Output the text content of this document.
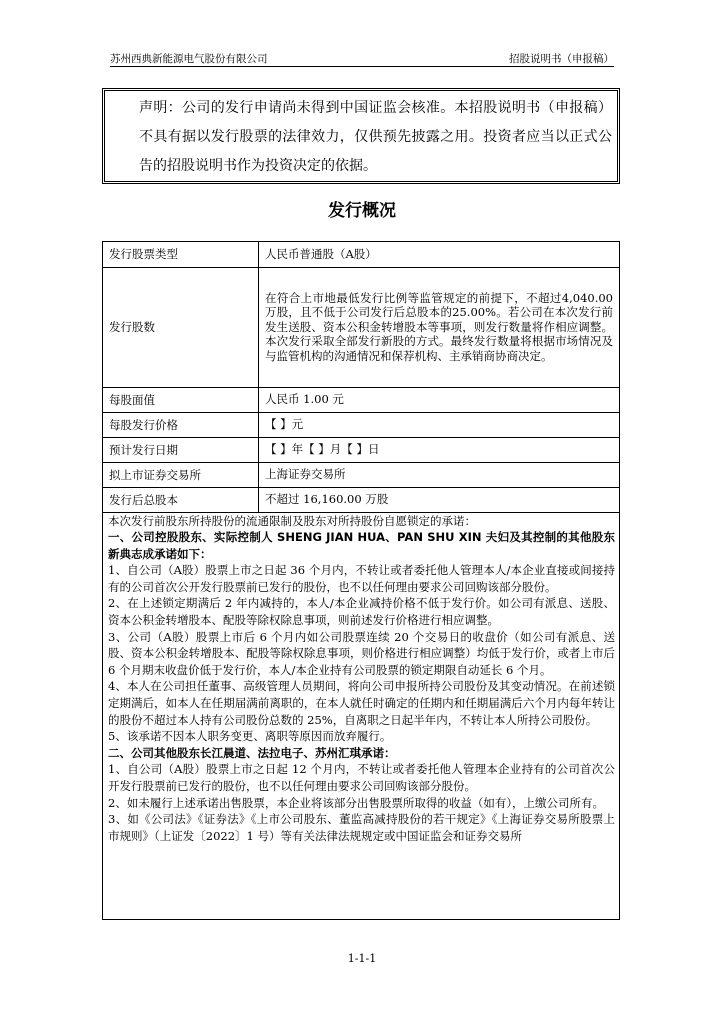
苏州西典新能源电气股份有限公司	招股说明书（申报稿）
声明：公司的发行申请尚未得到中国证监会核准。本招股说明书（申报稿）不具有据以发行股票的法律效力，仅供预先披露之用。投资者应当以正式公告的招股说明书作为投资决定的依据。
发行概况
发行股票类型	人民币普通股（A股）
发行股数	在符合上市地最低发行比例等监管规定的前提下，不超过4,040.00万股，且不低于公司发行后总股本的25.00%。若公司在本次发行前发生送股、资本公积金转增股本等事项，则发行数量将作相应调整。本次发行采取全部发行新股的方式。最终发行数量将根据市场情况及与监管机构的沟通情况和保荐机构、主承销商协商决定。
每股面值	人民币 1.00 元
每股发行价格	【 】元
预计发行日期	【 】年【 】月【 】日
拟上市证券交易所	上海证券交易所
发行后总股本	不超过 16,160.00 万股

本次发行前股东所持股份的流通限制及股东对所持股份自愿锁定的承诺：

一、公司控股股东、实际控制人 SHENG JIAN HUA、PAN SHU XIN 夫妇及其控制的其他股东新典志成承诺如下：

1、自公司（A股）股票上市之日起 36 个月内，不转让或者委托他人管理本人/本企业直接或间接持有的公司首次公开发行股票前已发行的股份，也不以任何理由要求公司回购该部分股份。

2、在上述锁定期满后 2 年内减持的，本人/本企业减持价格不低于发行价。如公司有派息、送股、资本公积金转增股本、配股等除权除息事项，则前述发行价格进行相应调整。

3、公司（A股）股票上市后 6 个月内如公司股票连续 20 个交易日的收盘价（如公司有派息、送股、资本公积金转增股本、配股等除权除息事项，则价格进行相应调整）均低于发行价，或者上市后 6 个月期末收盘价低于发行价，本人/本企业持有公司股票的锁定期限自动延长 6 个月。

4、本人在公司担任董事、高级管理人员期间，将向公司申报所持公司股份及其变动情况。在前述锁定期满后，如本人在任期届满前离职的，在本人就任时确定的任期内和任期届满后六个月内每年转让的股份不超过本人持有公司股份总数的 25%，自离职之日起半年内，不转让本人所持公司股份。

5、该承诺不因本人职务变更、离职等原因而放弃履行。

二、公司其他股东长江晨道、法拉电子、苏州汇琪承诺：

1、自公司（A股）股票上市之日起 12 个月内，不转让或者委托他人管理本企业持有的公司首次公开发行股票前已发行的股份，也不以任何理由要求公司回购该部分股份。

2、如未履行上述承诺出售股票，本企业将该部分出售股票所取得的收益（如有），上缴公司所有。

3、如《公司法》《证券法》《上市公司股东、董监高减持股份的若干规定》《上海证券交易所股票上市规则》（上证发〔2022〕1 号）等有关法律法规规定或中国证监会和证券交易所

1-1-1
